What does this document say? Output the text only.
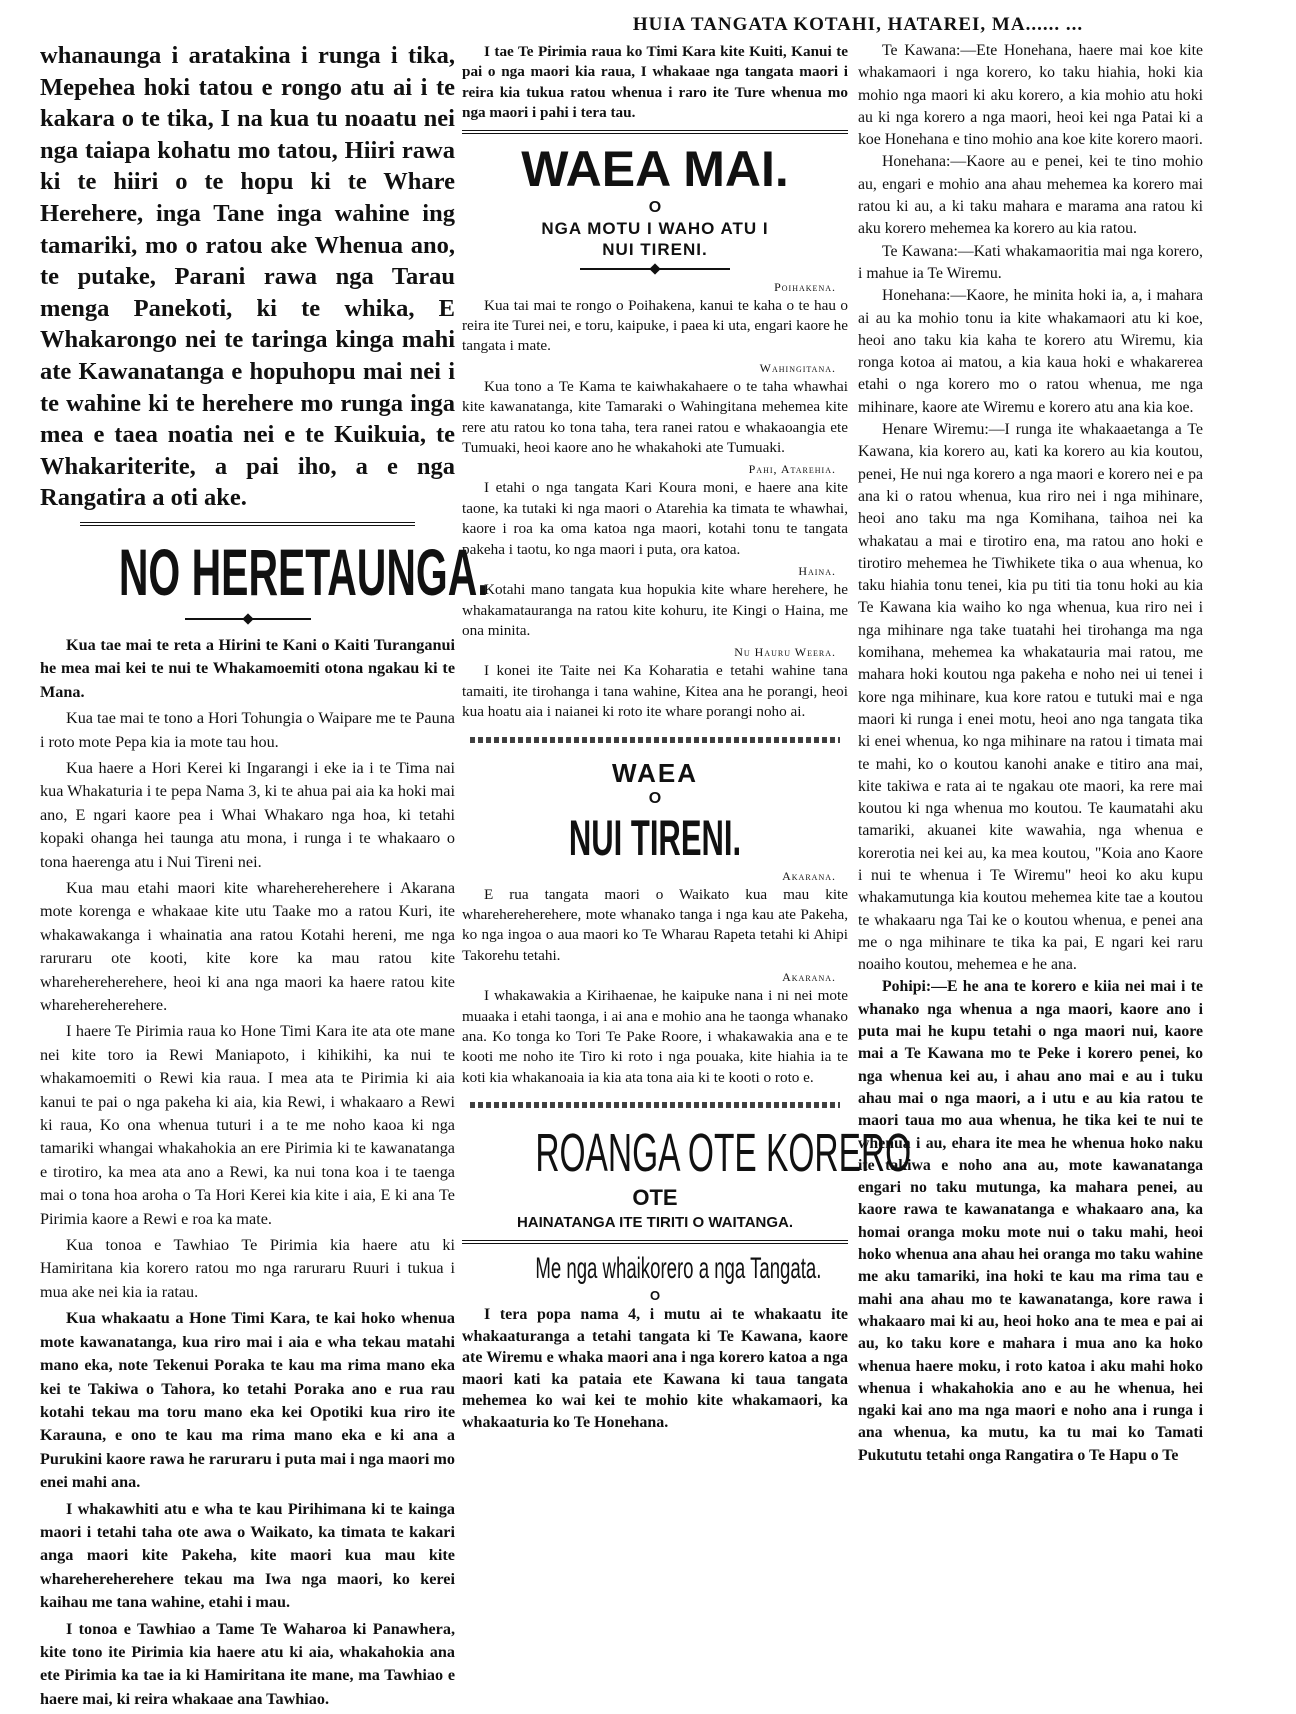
HUIA TANGATA KOTAHI, HATAREI, MA...... ...

whanaunga i aratakina i runga i tika, Mepehea hoki tatou e rongo atu ai i te kakara o te tika, I na kua tu noaatu nei nga taiapa kohatu mo tatou, Hiiri rawa ki te hiiri o te hopu ki te Whare Herehere, inga Tane inga wahine ing tamariki, mo o ratou ake Whenua ano, te putake, Parani rawa nga Tarau menga Panekoti, ki te whika, E Whakarongo nei te taringa kinga mahi ate Kawanatanga e hopuhopu mai nei i te wahine ki te herehere mo runga inga mea e taea noatia nei e te Kuikuia, te Whakariterite, a pai iho, a e nga Rangatira a oti ake.

NO HERETAUNGA.

Kua tae mai te reta a Hirini te Kani o Kaiti Turanganui he mea mai kei te nui te Whakamoemiti otona ngakau ki te Mana.

Kua tae mai te tono a Hori Tohungia o Waipare me te Pauna i roto mote Pepa kia ia mote tau hou.

Kua haere a Hori Kerei ki Ingarangi i eke ia i te Tima nai kua Whakaturia i te pepa Nama 3, ki te ahua pai aia ka hoki mai ano, E ngari kaore pea i Whai Whakaro nga hoa, ki tetahi kopaki ohanga hei taunga atu mona, i runga i te whakaaro o tona haerenga atu i Nui Tireni nei.

Kua mau etahi maori kite wharehereherehere i Akarana mote korenga e whakaae kite utu Taake mo a ratou Kuri, ite whakawakanga i whainatia ana ratou Kotahi hereni, me nga raruraru ote kooti, kite kore ka mau ratou kite wharehereherehere, heoi ki ana nga maori ka haere ratou kite wharehereherehere.

I haere Te Pirimia raua ko Hone Timi Kara ite ata ote mane nei kite toro ia Rewi Maniapoto, i kihikihi, ka nui te whakamoemiti o Rewi kia raua. I mea ata te Pirimia ki aia kanui te pai o nga pakeha ki aia, kia Rewi, i whakaaro a Rewi ki raua, Ko ona whenua tuturi i a te me noho kaoa ki nga tamariki whangai whakahokia an ere Pirimia ki te kawanatanga e tirotiro, ka mea ata ano a Rewi, ka nui tona koa i te taenga mai o tona hoa aroha o Ta Hori Kerei kia kite i aia, E ki ana Te Pirimia kaore a Rewi e roa ka mate.

Kua tonoa e Tawhiao Te Pirimia kia haere atu ki Hamiritana kia korero ratou mo nga raruraru Ruuri i tukua i mua ake nei kia ia ratau.

Kua whakaatu a Hone Timi Kara, te kai hoko whenua mote kawanatanga, kua riro mai i aia e wha tekau matahi mano eka, note Tekenui Poraka te kau ma rima mano eka kei te Takiwa o Tahora, ko tetahi Poraka ano e rua rau kotahi tekau ma toru mano eka kei Opotiki kua riro ite Karauna, e ono te kau ma rima mano eka e ki ana a Purukini kaore rawa he raruraru i puta mai i nga maori mo enei mahi ana.

I whakawhiti atu e wha te kau Pirihimana ki te kainga maori i tetahi taha ote awa o Waikato, ka timata te kakari anga maori kite Pakeha, kite maori kua mau kite wharehereherehere tekau ma Iwa nga maori, ko kerei kaihau me tana wahine, etahi i mau.

I tonoa e Tawhiao a Tame Te Waharoa ki Panawhera, kite tono ite Pirimia kia haere atu ki aia, whakahokia ana ete Pirimia ka tae ia ki Hamiritana ite mane, ma Tawhiao e haere mai, ki reira whakaae ana Tawhiao.

I tae Te Pirimia raua ko Timi Kara kite Kuiti, Kanui te pai o nga maori kia raua, I whakaae nga tangata maori i reira kia tukua ratou whenua i raro ite Ture whenua mo nga maori i pahi i tera tau.

WAEA MAI.
O
NGA MOTU I WAHO ATU I
NUI TIRENI.
Poihakena.

Kua tai mai te rongo o Poihakena, kanui te kaha o te hau o reira ite Turei nei, e toru, kaipuke, i paea ki uta, engari kaore he tangata i mate.

Wahingitana.

Kua tono a Te Kama te kaiwhakahaere o te taha whawhai kite kawanatanga, kite Tamaraki o Wahingitana mehemea kite rere atu ratou ko tona taha, tera ranei ratou e whakaoangia ete Tumuaki, heoi kaore ano he whakahoki ate Tumuaki.

Pahi, Atarehia.

I etahi o nga tangata Kari Koura moni, e haere ana kite taone, ka tutaki ki nga maori o Atarehia ka timata te whawhai, kaore i roa ka oma katoa nga maori, kotahi tonu te tangata pakeha i taotu, ko nga maori i puta, ora katoa.

Haina.

Kotahi mano tangata kua hopukia kite whare herehere, he whakamatauranga na ratou kite kohuru, ite Kingi o Haina, me ona minita.

Nu Hauru Weera.

I konei ite Taite nei Ka Koharatia e tetahi wahine tana tamaiti, ite tirohanga i tana wahine, Kitea ana he porangi, heoi kua hoatu aia i naianei ki roto ite whare porangi noho ai.

WAEA
O
NUI TIRENI.
Akarana.

E rua tangata maori o Waikato kua mau kite wharehereherehere, mote whanako tanga i nga kau ate Pakeha, ko nga ingoa o aua maori ko Te Wharau Rapeta tetahi ki Ahipi Takorehu tetahi.

Akarana.

I whakawakia a Kirihaenae, he kaipuke nana i ni nei mote muaaka i etahi taonga, i ai ana e mohio ana he taonga whanako ana. Ko tonga ko Tori Te Pake Roore, i whakawakia ana e te kooti me noho ite Tiro ki roto i nga pouaka, kite hiahia ia te koti kia whakanoaia ia kia ata tona aia ki te kooti o roto e.

ROANGA OTE KORERO
OTE
HAINATANGA ITE TIRITI O WAITANGA.
Me nga whaikorero a nga Tangata.
O

I tera popa nama 4, i mutu ai te whakaatu ite whakaaturanga a tetahi tangata ki Te Kawana, kaore ate Wiremu e whaka maori ana i nga korero katoa a nga maori kati ka pataia ete Kawana ki taua tangata mehemea ko wai kei te mohio kite whakamaori, ka whakaaturia ko Te Honehana.

Te Kawana:—Ete Honehana, haere mai koe kite whakamaori i nga korero, ko taku hiahia, hoki kia mohio nga maori ki aku korero, a kia mohio atu hoki au ki nga korero a nga maori, heoi kei nga Patai ki a koe Honehana e tino mohio ana koe kite korero maori.

Honehana:—Kaore au e penei, kei te tino mohio au, engari e mohio ana ahau mehemea ka korero mai ratou ki au, a ki taku mahara e marama ana ratou ki aku korero mehemea ka korero au kia ratou.

Te Kawana:—Kati whakamaoritia mai nga korero, i mahue ia Te Wiremu.

Honehana:—Kaore, he minita hoki ia, a, i mahara ai au ka mohio tonu ia kite whakamaori atu ki koe, heoi ano taku kia kaha te korero atu Wiremu, kia ronga kotoa ai matou, a kia kaua hoki e whakarerea etahi o nga korero mo o ratou whenua, me nga mihinare, kaore ate Wiremu e korero atu ana kia koe.

Henare Wiremu:—I runga ite whakaaetanga a Te Kawana, kia korero au, kati ka korero au kia koutou, penei, He nui nga korero a nga maori e korero nei e pa ana ki o ratou whenua, kua riro nei i nga mihinare, heoi ano taku ma nga Komihana, taihoa nei ka whakatau a mai e tirotiro ena, ma ratou ano hoki e tirotiro mehemea he Tiwhikete tika o aua whenua, ko taku hiahia tonu tenei, kia pu titi tia tonu hoki au kia Te Kawana kia waiho ko nga whenua, kua riro nei i nga mihinare nga take tuatahi hei tirohanga ma nga komihana, mehemea ka whakatauria mai ratou, me mahara hoki koutou nga pakeha e noho nei ui tenei i kore nga mihinare, kua kore ratou e tutuki mai e nga maori ki runga i enei motu, heoi ano nga tangata tika ki enei whenua, ko nga mihinare na ratou i timata mai te mahi, ko o koutou kanohi anake e titiro ana mai, kite takiwa e rata ai te ngakau ote maori, ka rere mai koutou ki nga whenua mo koutou. Te kaumatahi aku tamariki, akuanei kite wawahia, nga whenua e korerotia nei kei au, ka mea koutou, "Koia ano Kaore i nui te whenua i Te Wiremu" heoi ko aku kupu whakamutunga kia koutou mehemea kite tae a koutou te whakaaru nga Tai ke o koutou whenua, e penei ana me o nga mihinare te tika ka pai, E ngari kei raru noaiho koutou, mehemea e he ana.

Pohipi:—E he ana te korero e kiia nei mai i te whanako nga whenua a nga maori, kaore ano i puta mai he kupu tetahi o nga maori nui, kaore mai a Te Kawana mo te Peke i korero penei, ko nga whenua kei au, i ahau ano mai e au i tuku ahau mai o nga maori, a i utu e au kia ratou te maori taua mo aua whenua, he tika kei te nui te whenua i au, ehara ite mea he whenua hoko naku ite takiwa e noho ana au, mote kawanatanga engari no taku mutunga, ka mahara penei, au kaore rawa te kawanatanga e whakaaro ana, ka homai oranga moku mote nui o taku mahi, heoi hoko whenua ana ahau hei oranga mo taku wahine me aku tamariki, ina hoki te kau ma rima tau e mahi ana ahau mo te kawanatanga, kore rawa i whakaaro mai ki au, heoi hoko ana te mea e pai ai au, ko taku kore e mahara i mua ano ka hoko whenua haere moku, i roto katoa i aku mahi hoko whenua i whakahokia ano e au he whenua, hei ngaki kai ano ma nga maori e noho ana i runga i ana whenua, ka mutu, ka tu mai ko Tamati Pukututu tetahi onga Rangatira o Te Hapu o Te
